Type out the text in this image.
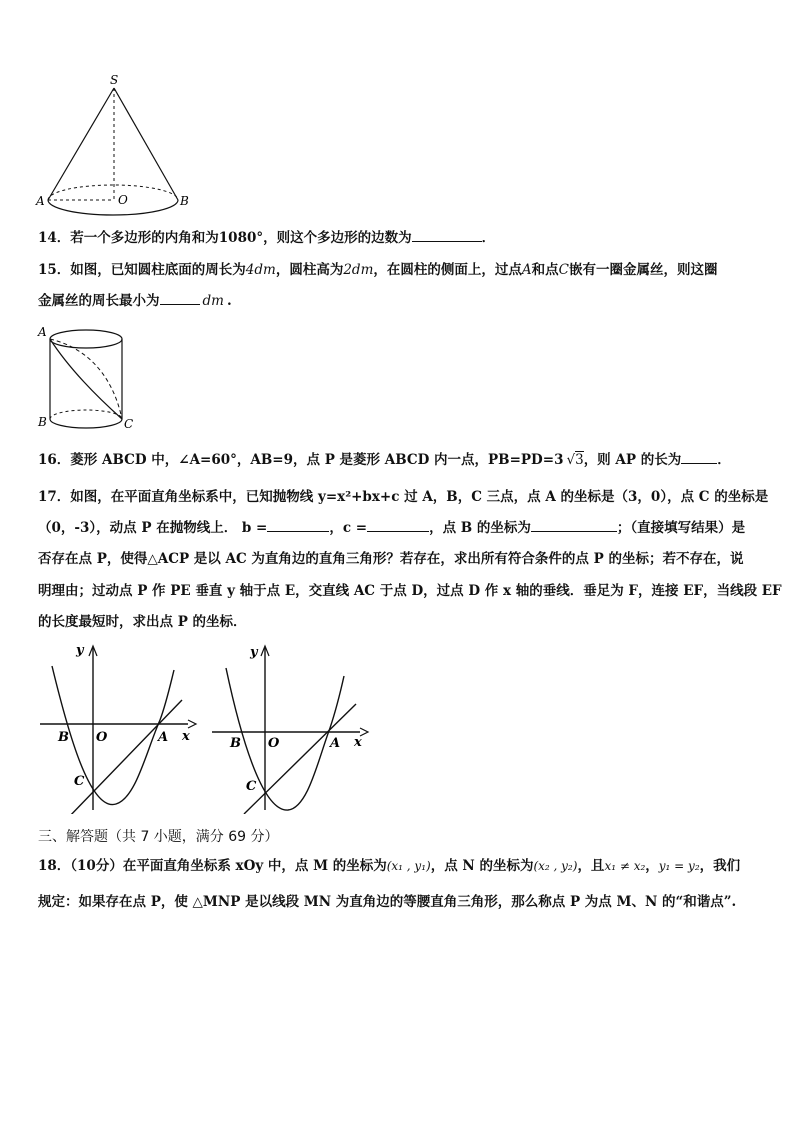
S
A	O	B
14．若一个多边形的内角和为1080°，则这个多边形的边数为	．
15．如图，已知圆柱底面的周长为4dm，圆柱高为2dm，在圆柱的侧面上，过点A和点C嵌有一圈金属丝，则这圈
金属丝的周长最小为	dm .
A
B	C
16．菱形 ABCD 中，∠A=60°，AB=9，点 P 是菱形 ABCD 内一点，PB=PD=3 √3，则 AP 的长为	．
17．如图，在平面直角坐标系中，已知抛物线 y=x²+bx+c 过 A，B，C 三点，点 A 的坐标是（3，0），点 C 的坐标是
（0，-3），动点 P 在抛物线上． b =	，c =	，点 B 的坐标为	；（直接填写结果）是
否存在点 P，使得△ACP 是以 AC 为直角边的直角三角形？若存在，求出所有符合条件的点 P 的坐标；若不存在，说
明理由；过动点 P 作 PE 垂直 y 轴于点 E，交直线 AC 于点 D，过点 D 作 x 轴的垂线．垂足为 F，连接 EF，当线段 EF
的长度最短时，求出点 P 的坐标．
y
x
B O	A
C
y
x
B O	A
C
三、解答题（共 7 小题，满分 69 分）
18．（10分）在平面直角坐标系 xOy 中，点 M 的坐标为(x₁ , y₁)，点 N 的坐标为(x₂ , y₂)，且x₁ ≠ x₂，y₁ = y₂，我们
规定：如果存在点 P，使 △MNP 是以线段 MN 为直角边的等腰直角三角形，那么称点 P 为点 M、N 的“和谐点”.
